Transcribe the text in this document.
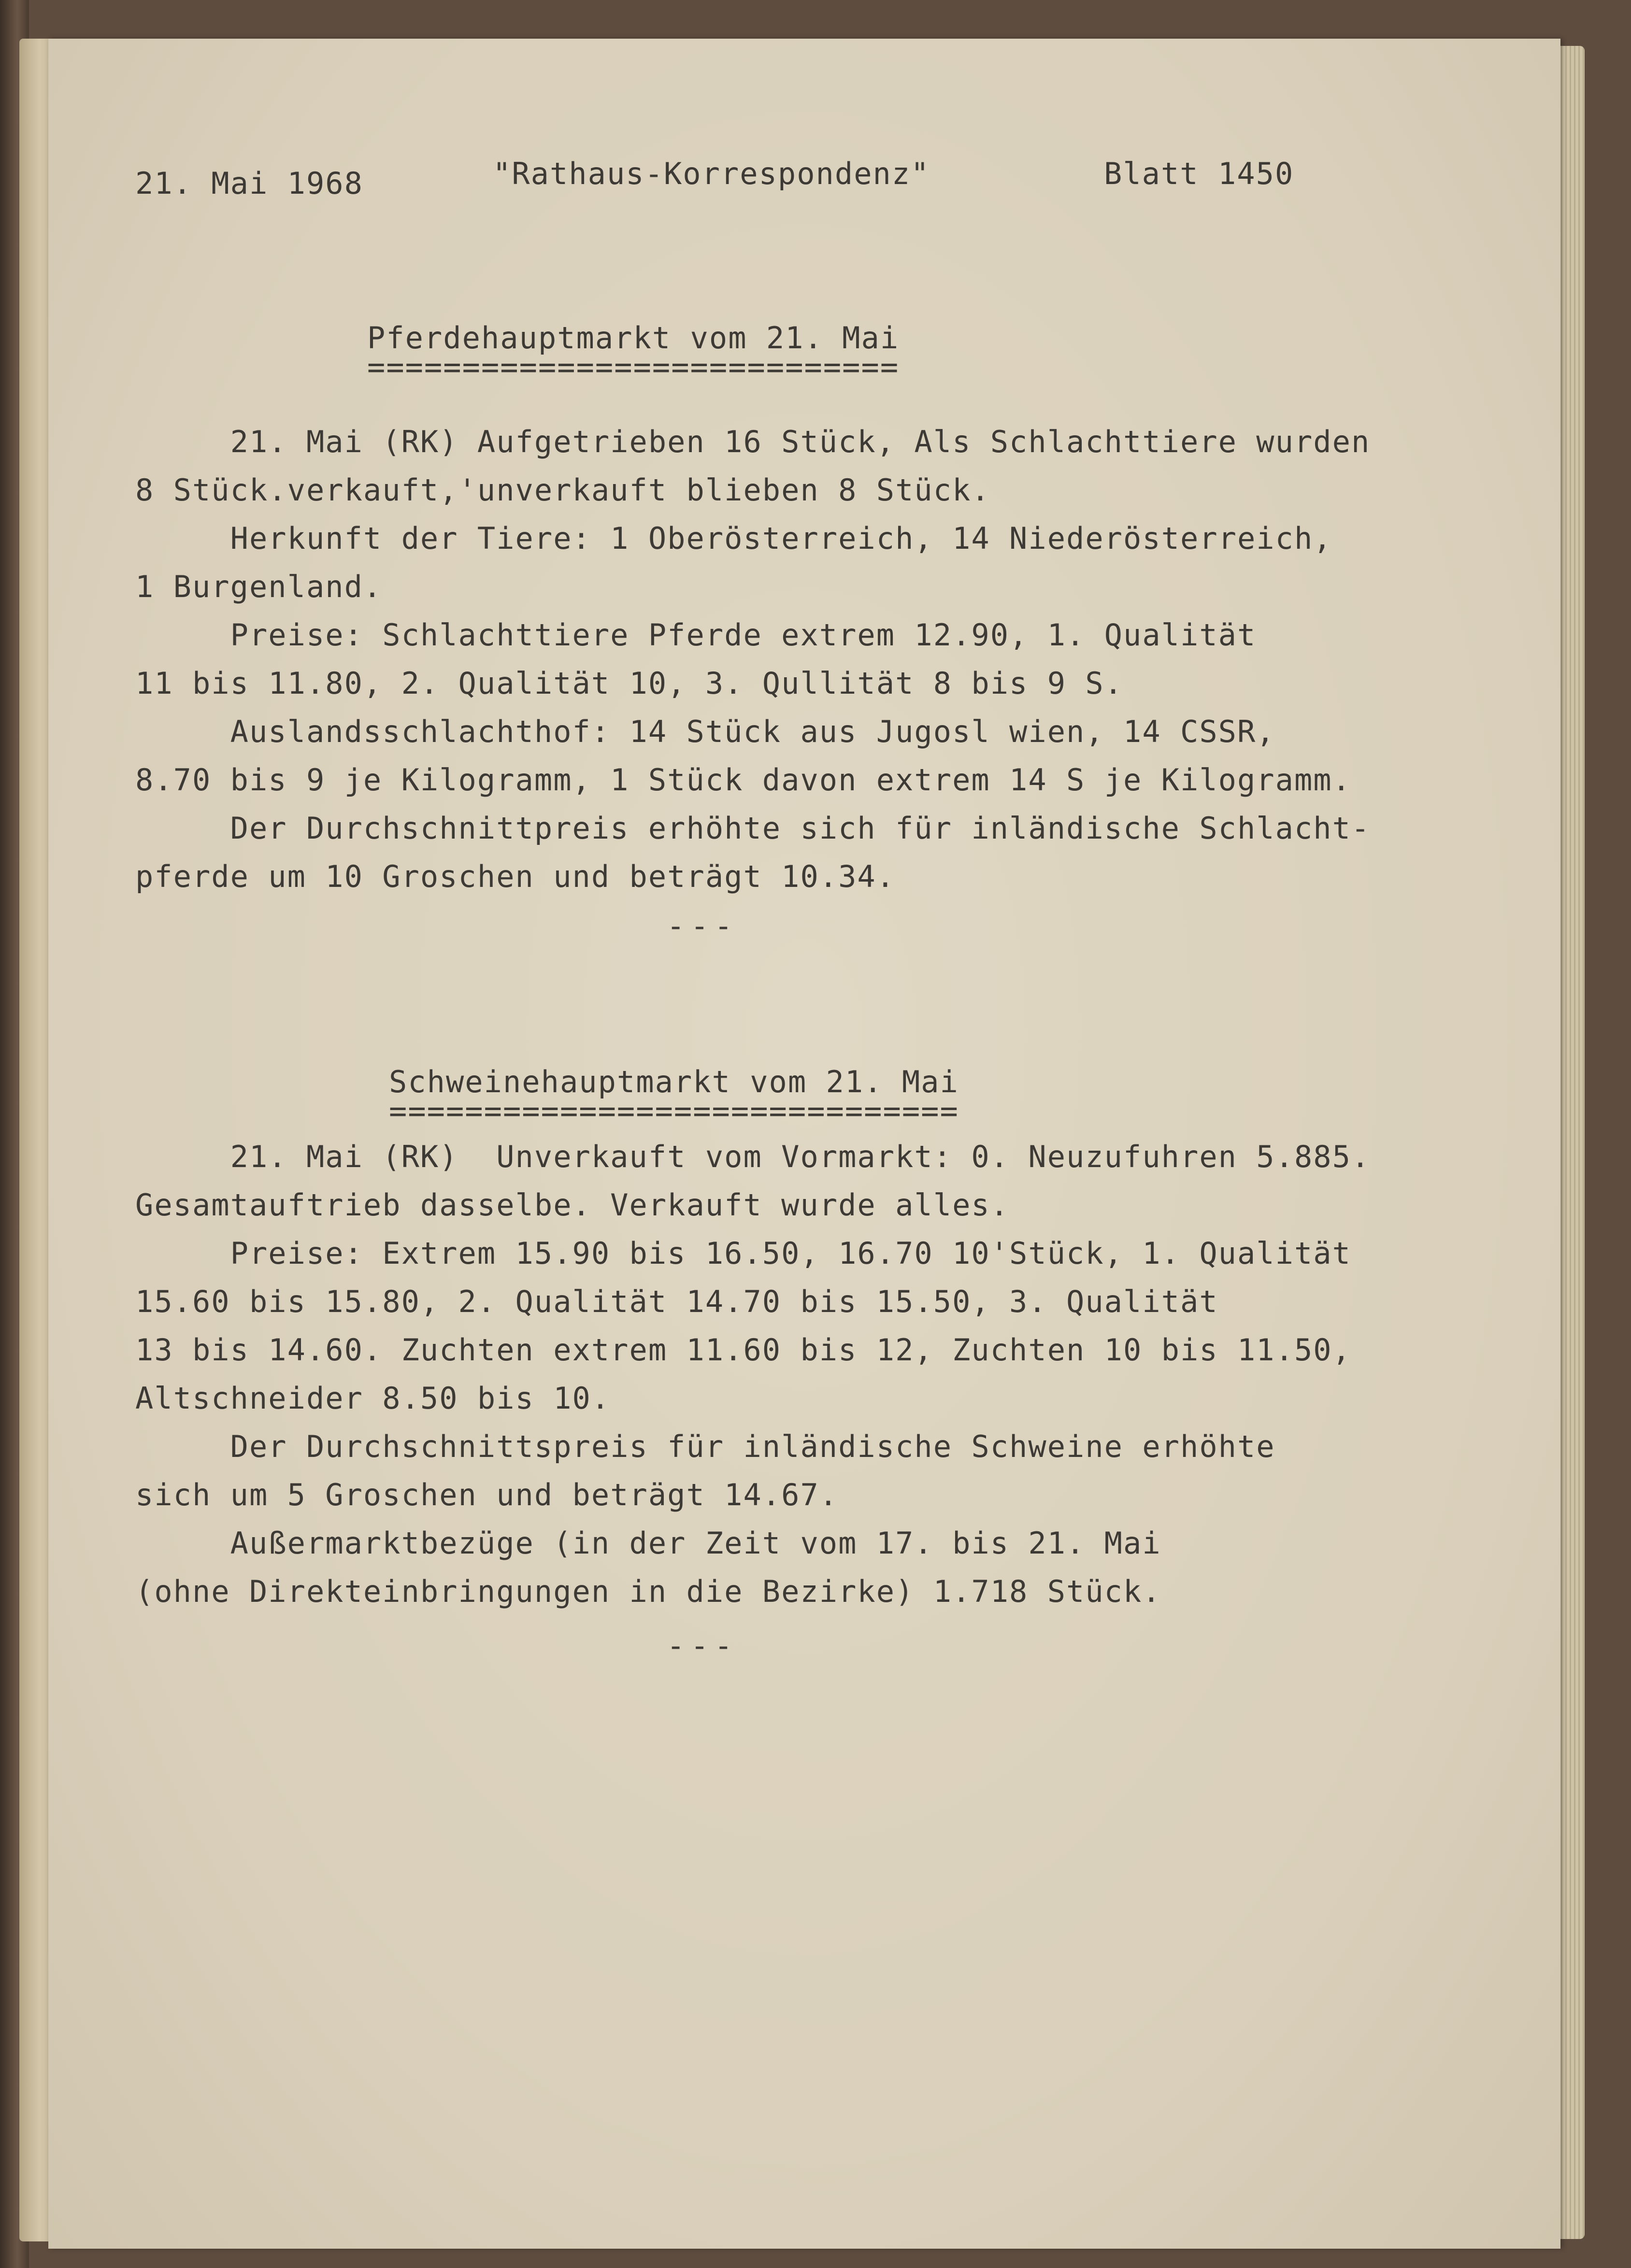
21. Mai 1968	"Rathaus-Korrespondenz"	Blatt 1450
Pferdehauptmarkt vom 21. Mai
============================
21. Mai (RK) Aufgetrieben 16 Stück, Als Schlachttiere wurden
8 Stück.verkauft,'unverkauft blieben 8 Stück.
Herkunft der Tiere: 1 Oberösterreich, 14 Niederösterreich,
1 Burgenland.
Preise: Schlachttiere Pferde extrem 12.90, 1. Qualität
11 bis 11.80, 2. Qualität 10, 3. Qullität 8 bis 9 S.
Auslandsschlachthof: 14 Stück aus Jugosl wien, 14 CSSR,
8.70 bis 9 je Kilogramm, 1 Stück davon extrem 14 S je Kilogramm.
Der Durchschnittpreis erhöhte sich für inländische Schlacht-
pferde um 10 Groschen und beträgt 10.34.
---
Schweinehauptmarkt vom 21. Mai
==============================
21. Mai (RK)  Unverkauft vom Vormarkt: 0. Neuzufuhren 5.885.
Gesamtauftrieb dasselbe. Verkauft wurde alles.
Preise: Extrem 15.90 bis 16.50, 16.70 10'Stück, 1. Qualität
15.60 bis 15.80, 2. Qualität 14.70 bis 15.50, 3. Qualität
13 bis 14.60. Zuchten extrem 11.60 bis 12, Zuchten 10 bis 11.50,
Altschneider 8.50 bis 10.
Der Durchschnittspreis für inländische Schweine erhöhte
sich um 5 Groschen und beträgt 14.67.
Außermarktbezüge (in der Zeit vom 17. bis 21. Mai
(ohne Direkteinbringungen in die Bezirke) 1.718 Stück.
---
